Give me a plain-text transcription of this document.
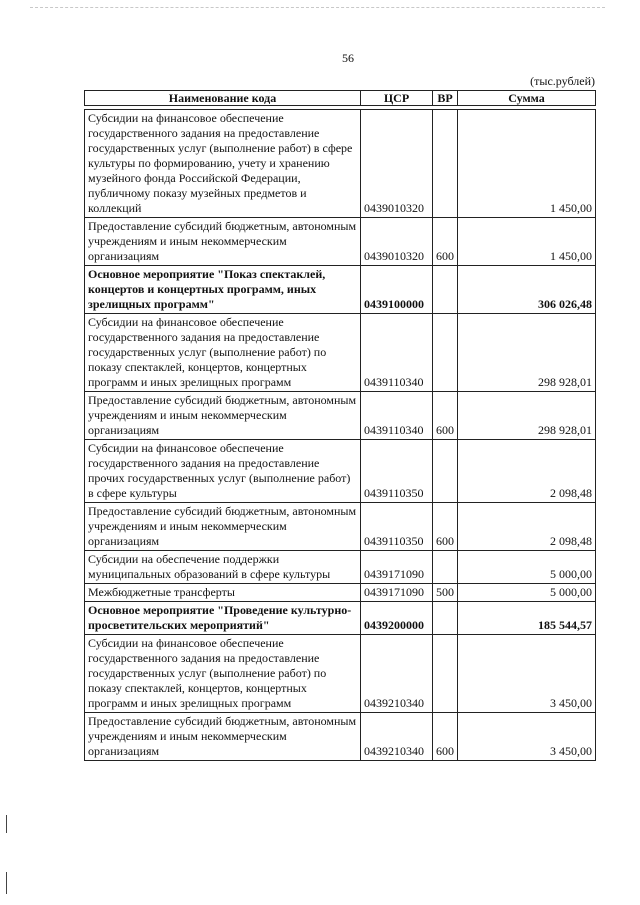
56
(тыс.рублей)
Наименование кода	ЦСР	ВР	Сумма

Субсидии на финансовое обеспечение государственного задания на предоставление государственных услуг (выполнение работ) в сфере культуры по формированию, учету и хранению музейного фонда Российской Федерации, публичному показу музейных предметов и коллекций	0439010320		1 450,00
Предоставление субсидий бюджетным, автономным учреждениям и иным некоммерческим организациям	0439010320	600	1 450,00
Основное мероприятие "Показ спектаклей, концертов и концертных программ, иных зрелищных программ"	0439100000		306 026,48
Субсидии на финансовое обеспечение государственного задания на предоставление государственных услуг (выполнение работ) по показу спектаклей, концертов, концертных программ и иных зрелищных программ	0439110340		298 928,01
Предоставление субсидий бюджетным, автономным учреждениям и иным некоммерческим организациям	0439110340	600	298 928,01
Субсидии на финансовое обеспечение государственного задания на предоставление прочих государственных услуг (выполнение работ) в сфере культуры	0439110350		2 098,48
Предоставление субсидий бюджетным, автономным учреждениям и иным некоммерческим организациям	0439110350	600	2 098,48
Субсидии на обеспечение поддержки муниципальных образований в сфере культуры	0439171090		5 000,00
Межбюджетные трансферты	0439171090	500	5 000,00
Основное мероприятие "Проведение культурно-просветительских мероприятий"	0439200000		185 544,57
Субсидии на финансовое обеспечение государственного задания на предоставление государственных услуг (выполнение работ) по показу спектаклей, концертов, концертных программ и иных зрелищных программ	0439210340		3 450,00
Предоставление субсидий бюджетным, автономным учреждениям и иным некоммерческим организациям	0439210340	600	3 450,00
